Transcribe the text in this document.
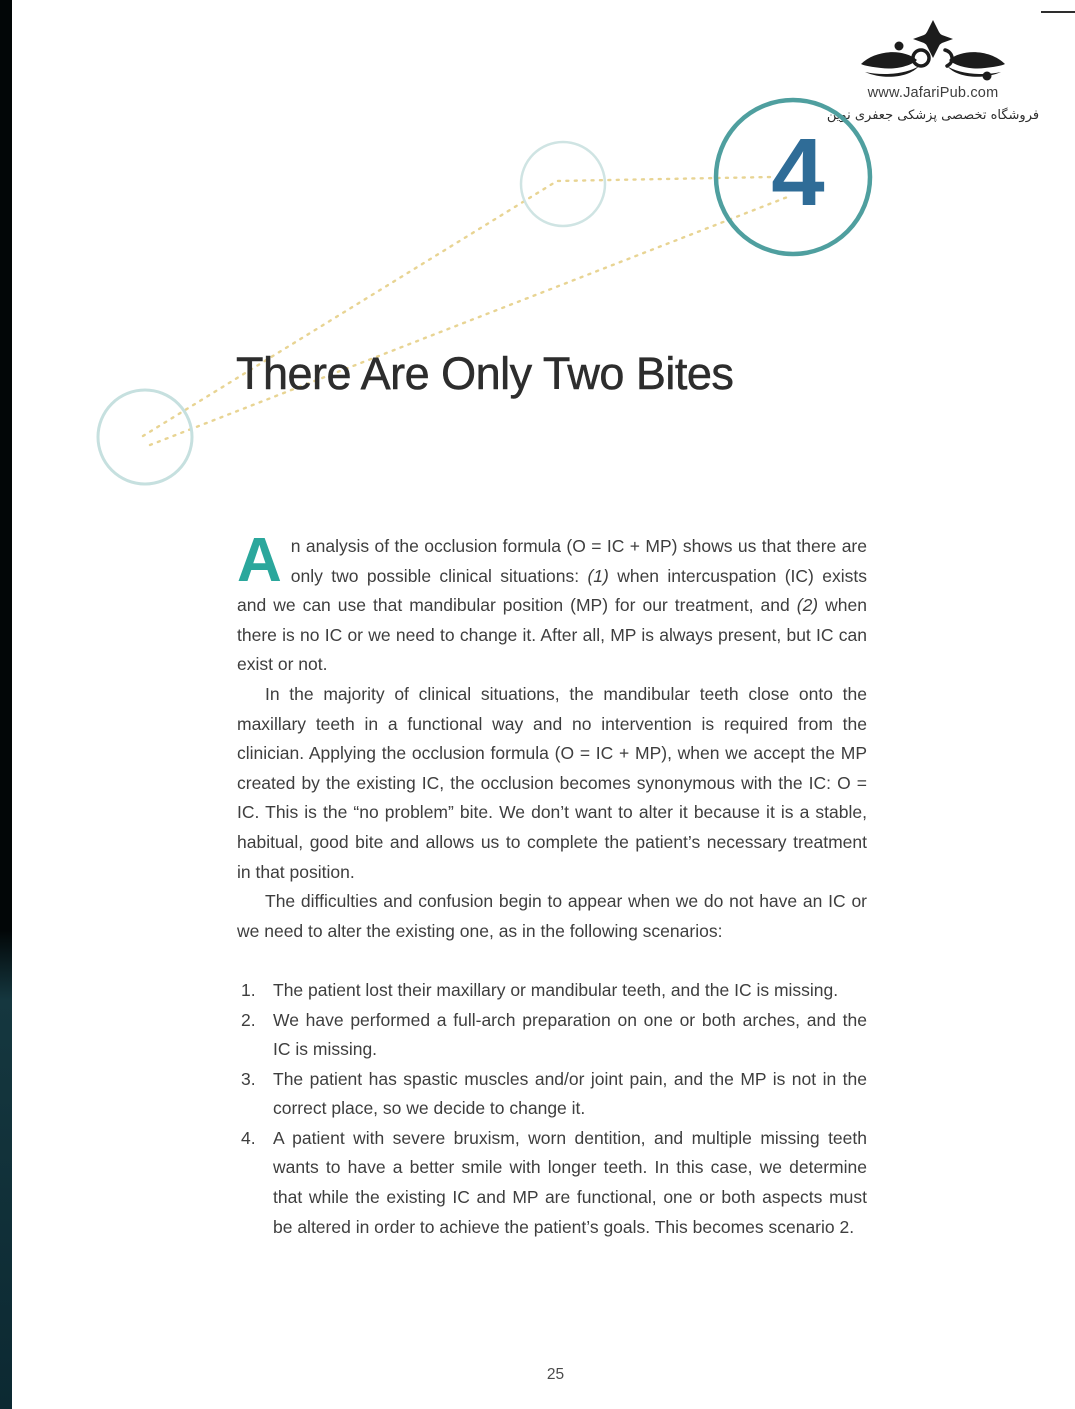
www.JafariPub.com
فروشگاه تخصصی پزشکی جعفری نوین
4
There Are Only Two Bites

An analysis of the occlusion formula (O = IC + MP) shows us that there are only two possible clinical situations: (1) when intercuspation (IC) exists and we can use that mandibular position (MP) for our treatment, and (2) when there is no IC or we need to change it. After all, MP is always present, but IC can exist or not.

In the majority of clinical situations, the mandibular teeth close onto the maxillary teeth in a functional way and no intervention is required from the clinician. Applying the occlusion formula (O = IC + MP), when we accept the MP created by the existing IC, the occlusion becomes synonymous with the IC: O = IC. This is the “no problem” bite. We don’t want to alter it because it is a stable, habitual, good bite and allows us to complete the patient’s necessary treatment in that position.

The difficulties and confusion begin to appear when we do not have an IC or we need to alter the existing one, as in the following scenarios:

1. The patient lost their maxillary or mandibular teeth, and the IC is missing.
2. We have performed a full-arch preparation on one or both arches, and the IC is missing.
3. The patient has spastic muscles and/or joint pain, and the MP is not in the correct place, so we decide to change it.
4. A patient with severe bruxism, worn dentition, and multiple missing teeth wants to have a better smile with longer teeth. In this case, we determine that while the existing IC and MP are functional, one or both aspects must be altered in order to achieve the patient’s goals. This becomes scenario 2.
25
